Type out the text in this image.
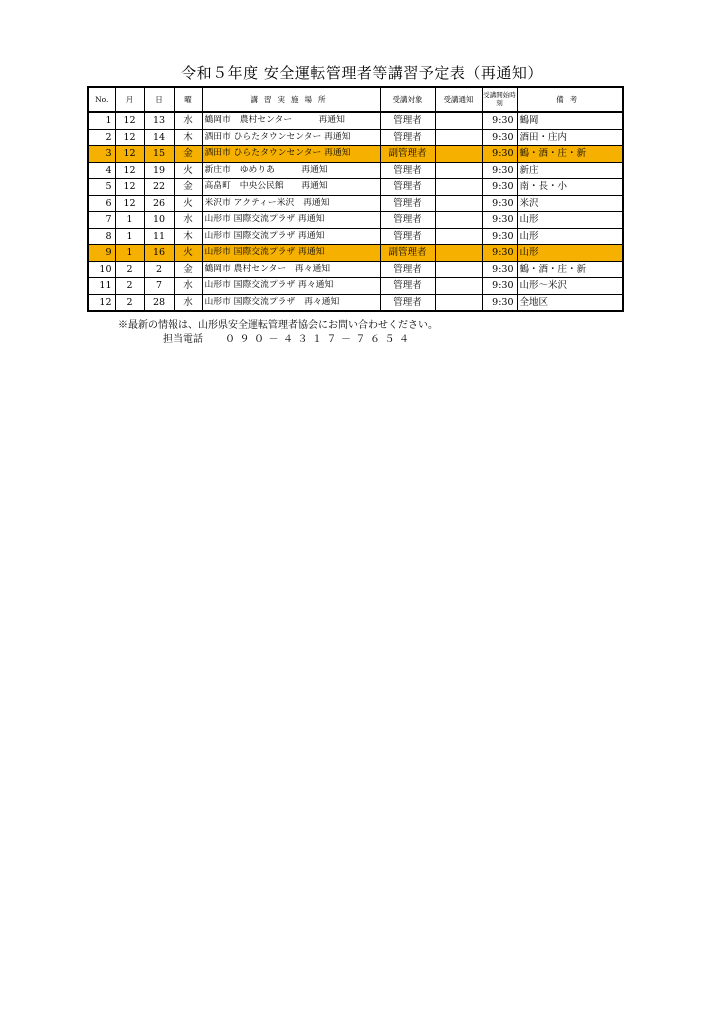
令和５年度 安全運転管理者等講習予定表（再通知）
No.	月	日	曜	講習実施場所	受講対象	受講通知	受講開始時刻	備考
1	12	13	水	鶴岡市　農村センター　　　再通知	管理者		9:30	鶴岡
2	12	14	木	酒田市 ひらたタウンセンター 再通知	管理者		9:30	酒田・庄内
3	12	15	金	酒田市 ひらたタウンセンター 再通知	副管理者		9:30	鶴・酒・庄・新
4	12	19	火	新庄市　ゆめりあ　　　再通知	管理者		9:30	新庄
5	12	22	金	高畠町　中央公民館　　再通知	管理者		9:30	南・長・小
6	12	26	火	米沢市 アクティー米沢　再通知	管理者		9:30	米沢
7	1	10	水	山形市 国際交流プラザ 再通知	管理者		9:30	山形
8	1	11	木	山形市 国際交流プラザ 再通知	管理者		9:30	山形
9	1	16	火	山形市 国際交流プラザ 再通知	副管理者		9:30	山形
10	2	2	金	鶴岡市 農村センター　再々通知	管理者		9:30	鶴・酒・庄・新
11	2	7	水	山形市 国際交流プラザ 再々通知	管理者		9:30	山形～米沢
12	2	28	水	山形市 国際交流プラザ　再々通知	管理者		9:30	全地区
※最新の情報は、山形県安全運転管理者協会にお問い合わせください。
担当電話 ０９０－４３１７－７６５４
